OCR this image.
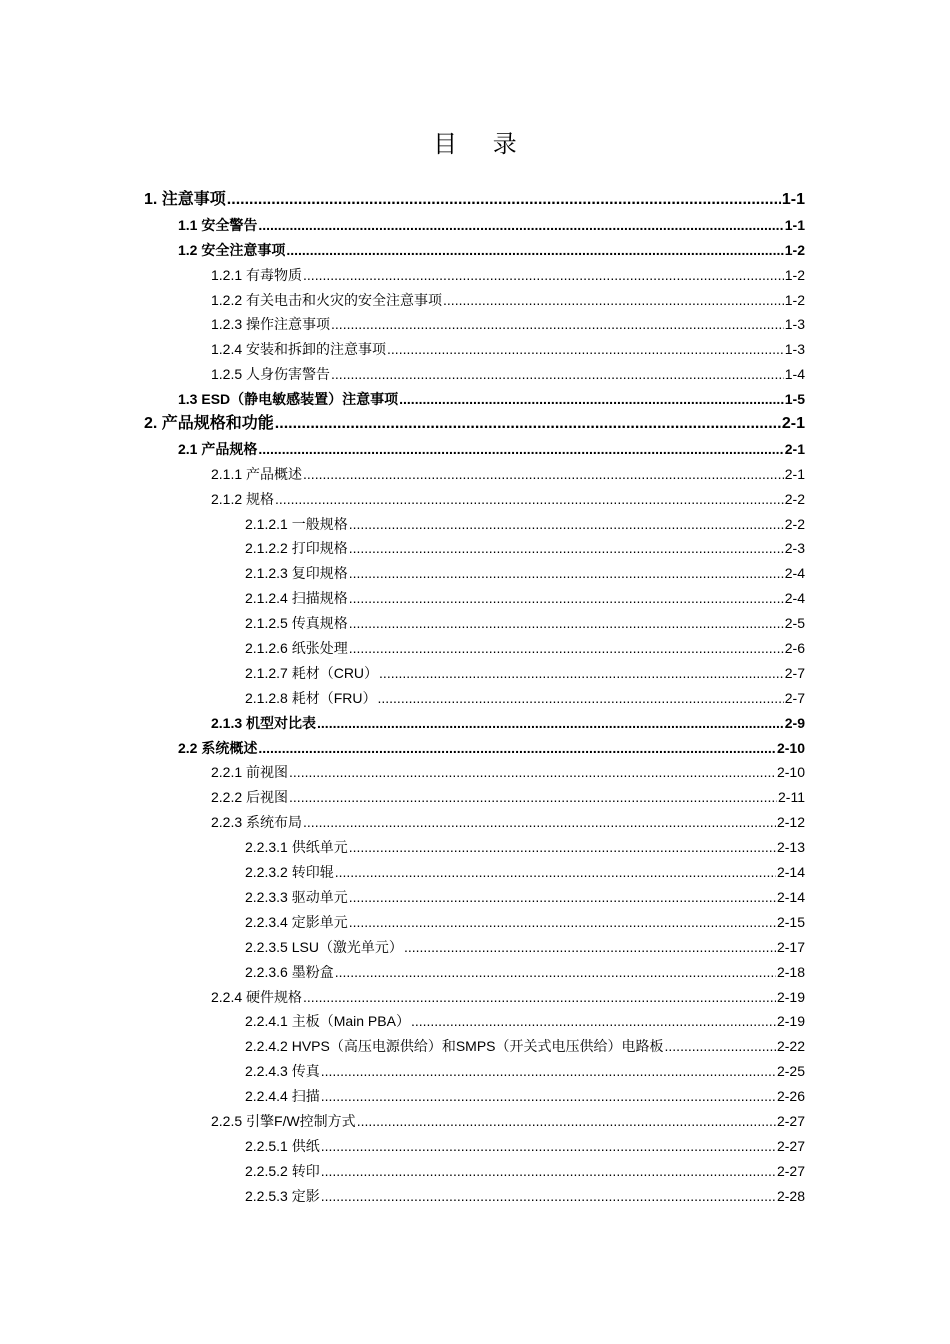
目 录
1. 注意事项 .....	1-1
1.1 安全警告 .....	1-1
1.2 安全注意事项 .....	1-2
1.2.1 有毒物质 .....	1-2
1.2.2 有关电击和火灾的安全注意事项 .....	1-2
1.2.3 操作注意事项 .....	1-3
1.2.4 安装和拆卸的注意事项 .....	1-3
1.2.5 人身伤害警告 .....	1-4
1.3 ESD（静电敏感装置）注意事项 .....	1-5
2. 产品规格和功能 .....	2-1
2.1 产品规格 .....	2-1
2.1.1 产品概述 .....	2-1
2.1.2 规格 .....	2-2
2.1.2.1 一般规格 .....	2-2
2.1.2.2 打印规格 .....	2-3
2.1.2.3 复印规格 .....	2-4
2.1.2.4 扫描规格 .....	2-4
2.1.2.5 传真规格 .....	2-5
2.1.2.6 纸张处理 .....	2-6
2.1.2.7 耗材（CRU） .....	2-7
2.1.2.8 耗材（FRU） .....	2-7
2.1.3 机型对比表 .....	2-9
2.2 系统概述 .....	2-10
2.2.1 前视图 .....	2-10
2.2.2 后视图 .....	2-11
2.2.3 系统布局 .....	2-12
2.2.3.1 供纸单元 .....	2-13
2.2.3.2 转印辊 .....	2-14
2.2.3.3 驱动单元 .....	2-14
2.2.3.4 定影单元 .....	2-15
2.2.3.5 LSU（激光单元） .....	2-17
2.2.3.6 墨粉盒 .....	2-18
2.2.4 硬件规格 .....	2-19
2.2.4.1 主板（Main PBA） .....	2-19
2.2.4.2 HVPS（高压电源供给）和SMPS（开关式电压供给）电路板 .....	2-22
2.2.4.3 传真 .....	2-25
2.2.4.4 扫描 .....	2-26
2.2.5 引擎F/W控制方式 .....	2-27
2.2.5.1 供纸 .....	2-27
2.2.5.2 转印 .....	2-27
2.2.5.3 定影 .....	2-28
